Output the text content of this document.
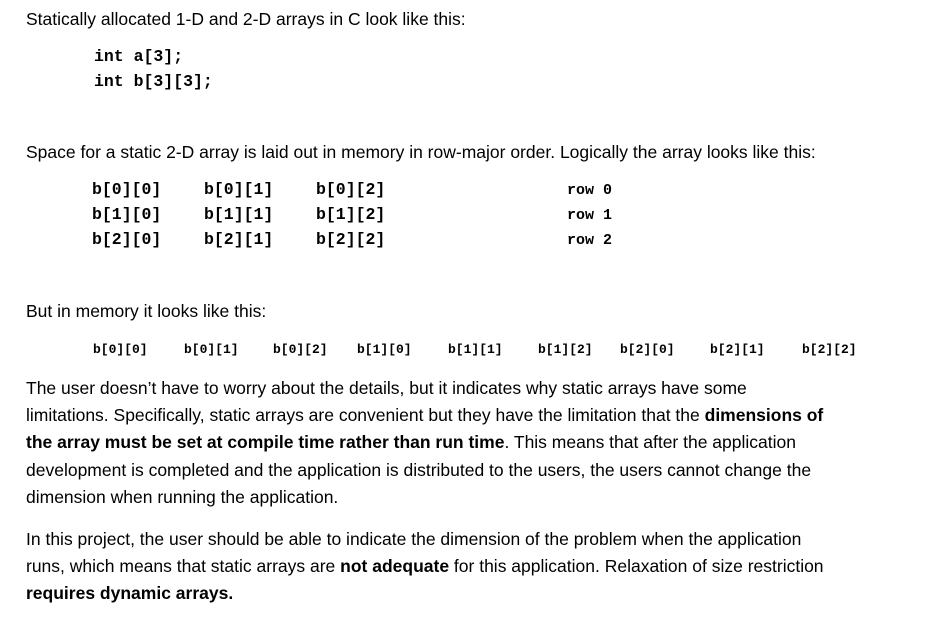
Statically allocated 1-D and 2-D arrays in C look like this:
int a[3];
int b[3][3];
Space for a static 2-D array is laid out in memory in row-major order. Logically the array looks like this:
b[0][0]	b[0][1]	b[0][2]	row 0
b[1][0]	b[1][1]	b[1][2]	row 1
b[2][0]	b[2][1]	b[2][2]	row 2
But in memory it looks like this:
b[0][0]	b[0][1]	b[0][2] b[1][0]	b[1][1]	b[1][2] b[2][0]	b[2][1]	b[2][2]
The user doesn’t have to worry about the details, but it indicates why static arrays have some
limitations. Specifically, static arrays are convenient but they have the limitation that the dimensions of
the array must be set at compile time rather than run time. This means that after the application
development is completed and the application is distributed to the users, the users cannot change the
dimension when running the application.
In this project, the user should be able to indicate the dimension of the problem when the application
runs, which means that static arrays are not adequate for this application. Relaxation of size restriction
requires dynamic arrays.
